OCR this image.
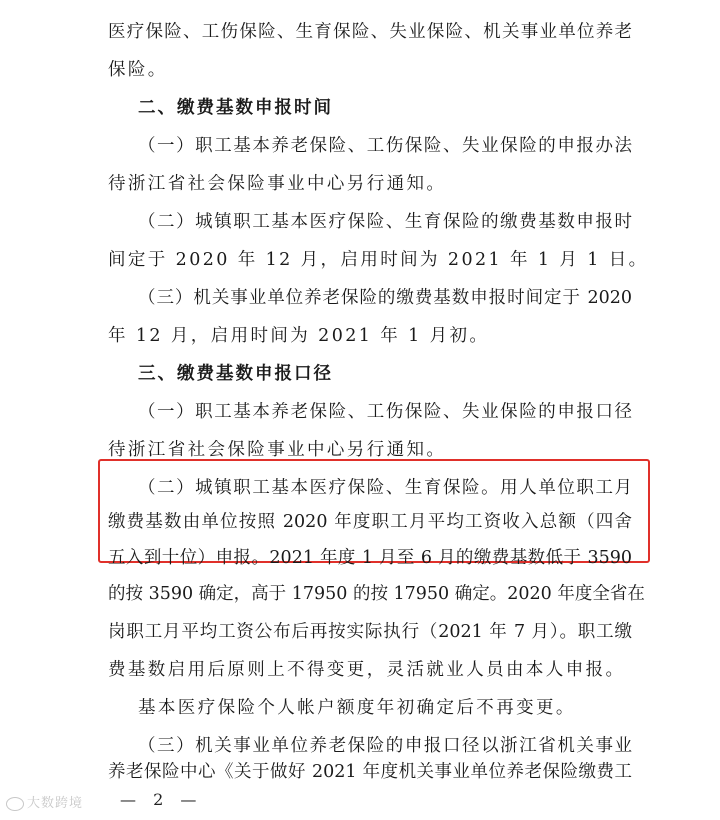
医疗保险、工伤保险、生育保险、失业保险、机关事业单位养老
保险。
二、缴费基数申报时间
（一）职工基本养老保险、工伤保险、失业保险的申报办法
待浙江省社会保险事业中心另行通知。
（二）城镇职工基本医疗保险、生育保险的缴费基数申报时
间定于 2020 年 12 月，启用时间为 2021 年 1 月 1 日。
（三）机关事业单位养老保险的缴费基数申报时间定于 2020
年 12 月，启用时间为 2021 年 1 月初。
三、缴费基数申报口径
（一）职工基本养老保险、工伤保险、失业保险的申报口径
待浙江省社会保险事业中心另行通知。
（二）城镇职工基本医疗保险、生育保险。用人单位职工月
缴费基数由单位按照 2020 年度职工月平均工资收入总额（四舍
五入到十位）申报。2021 年度 1 月至 6 月的缴费基数低于 3590
的按 3590 确定，高于 17950 的按 17950 确定。2020 年度全省在
岗职工月平均工资公布后再按实际执行（2021 年 7 月）。职工缴
费基数启用后原则上不得变更，灵活就业人员由本人申报。
基本医疗保险个人帐户额度年初确定后不再变更。
（三）机关事业单位养老保险的申报口径以浙江省机关事业
养老保险中心《关于做好 2021 年度机关事业单位养老保险缴费工
大数跨境 — 2 —
